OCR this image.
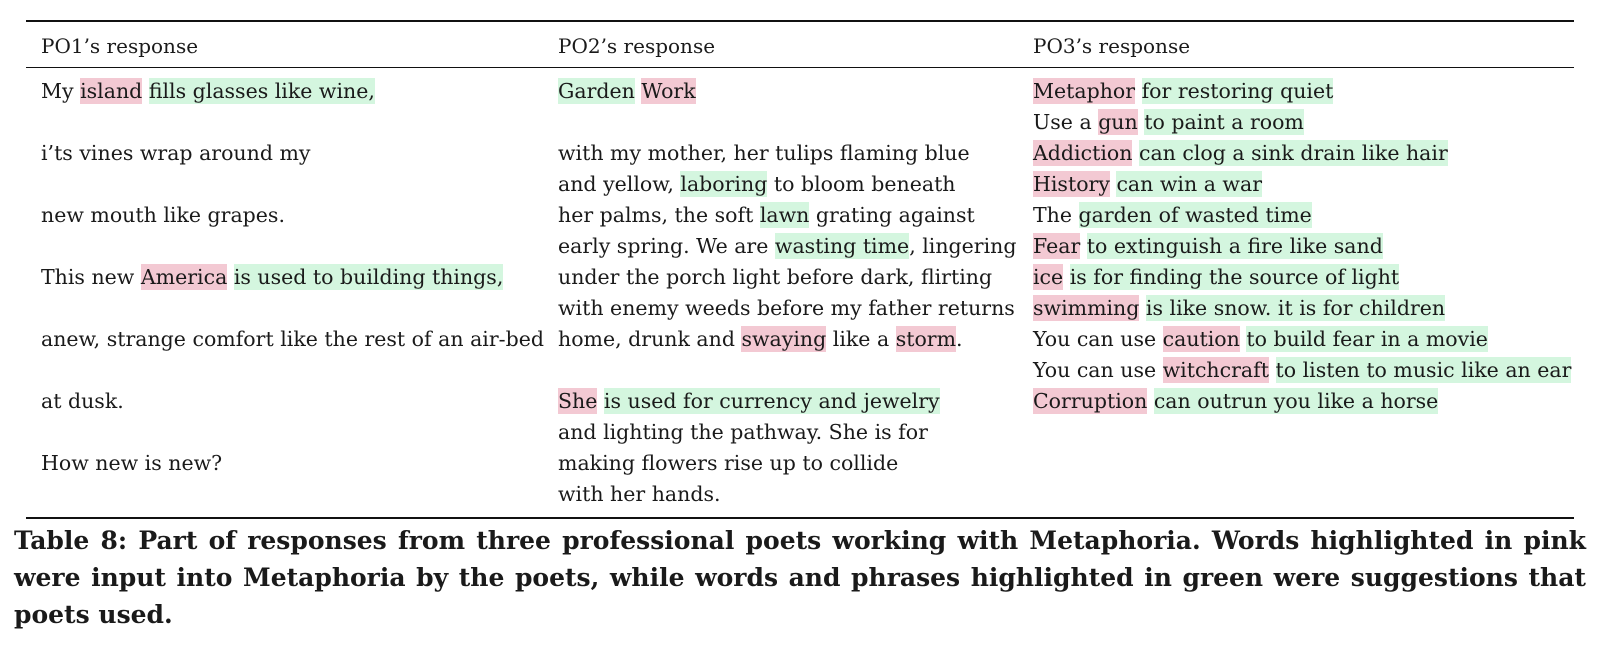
PO1’s response	PO2’s response	PO3’s response
My island fills glasses like wine,
i’ts vines wrap around my
new mouth like grapes.
This new America is used to building things,
anew, strange comfort like the rest of an air-bed
at dusk.
How new is new?
Garden Work
with my mother, her tulips flaming blue
and yellow, laboring to bloom beneath
her palms, the soft lawn grating against
early spring. We are wasting time, lingering
under the porch light before dark, flirting
with enemy weeds before my father returns
home, drunk and swaying like a storm.
She is used for currency and jewelry
and lighting the pathway. She is for
making flowers rise up to collide
with her hands.
Metaphor for restoring quiet
Use a gun to paint a room
Addiction can clog a sink drain like hair
History can win a war
The garden of wasted time
Fear to extinguish a fire like sand
ice is for finding the source of light
swimming is like snow. it is for children
You can use caution to build fear in a movie
You can use witchcraft to listen to music like an ear
Corruption can outrun you like a horse
Table 8: Part of responses from three professional poets working with Metaphoria. Words highlighted in pink were input into Metaphoria by the poets, while words and phrases highlighted in green were suggestions that poets used.
